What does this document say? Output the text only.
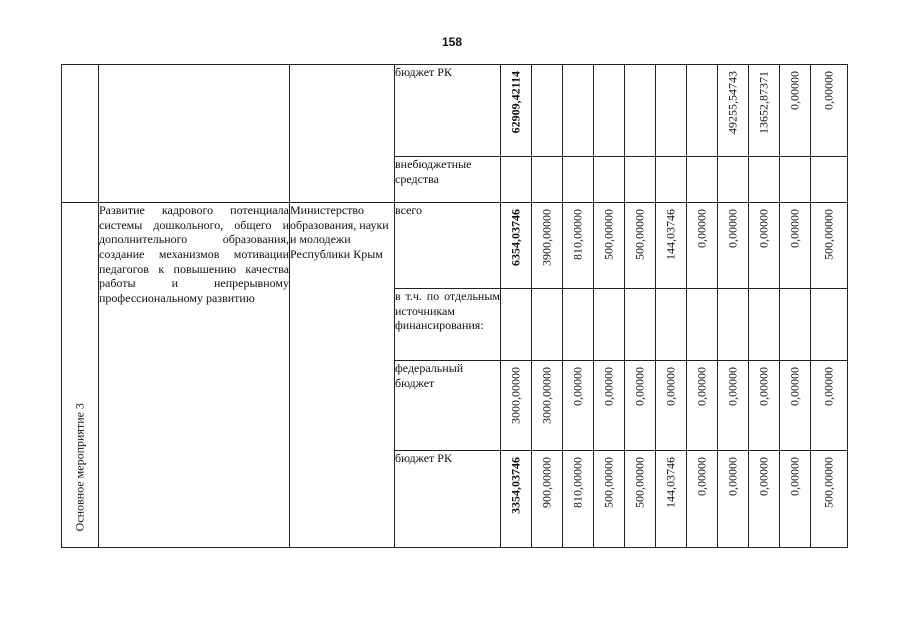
158
			бюджет РК	62909,42114							49255,54743	13652,87371	0,00000	0,00000

			внебюджетные средства											

Основное мероприятие 3	Развитие кадрового потенциала системы дошкольного, общего и дополнительного образования, создание механизмов мотивации педагогов к повышению качества работы и непрерывному профессиональному развитию	Министерство образования, науки и молодежи Республики Крым	всего	6354,03746	3900,00000	810,00000	500,00000	500,00000	144,03746	0,00000	0,00000	0,00000	0,00000	500,00000

			в т.ч. по отдельным источникам финансирования:											
			федеральный бюджет	3000,00000	3000,00000	0,00000	0,00000	0,00000	0,00000	0,00000	0,00000	0,00000	0,00000	0,00000

			бюджет РК	3354,03746	900,00000	810,00000	500,00000	500,00000	144,03746	0,00000	0,00000	0,00000	0,00000	500,00000
